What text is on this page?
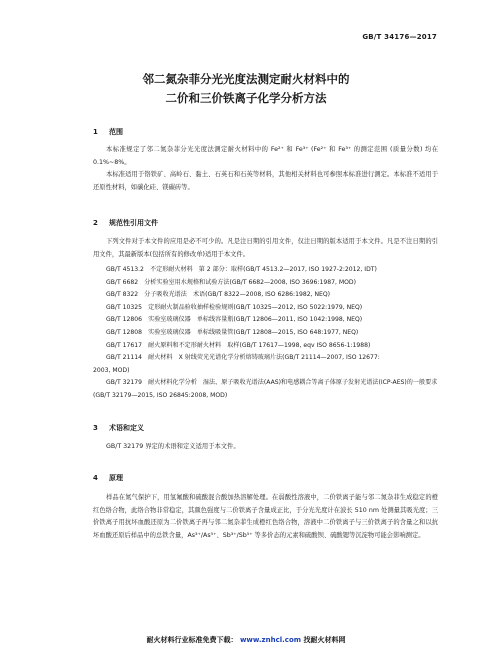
GB/T 34176—2017
邻二氮杂菲分光光度法测定耐火材料中的
二价和三价铁离子化学分析方法
1 范围

本标准规定了邻二氮杂菲分光光度法测定耐火材料中的 Fe²⁺ 和 Fe³⁺ (Fe²⁺ 和 Fe³⁺ 的测定范围 (质量分数) 均在 0.1%~8%。

本标准适用于铬铁矿、高岭石、黏土、石英石和石英等材料，其他相关材料也可参照本标准进行测定。本标准不适用于还原性材料，如碳化硅、镁碳砖等。

2 规范性引用文件

下列文件对于本文件的应用是必不可少的。凡是注日期的引用文件，仅注日期的版本适用于本文件。凡是不注日期的引用文件，其最新版本(包括所有的修改单)适用于本文件。

GB/T 4513.2　不定形耐火材料　第 2 部分：取样(GB/T 4513.2—2017, ISO 1927-2:2012, IDT)
GB/T 6682　分析实验室用水规格和试验方法(GB/T 6682—2008, ISO 3696:1987, MOD)
GB/T 8322　分子吸收光谱法　术语(GB/T 8322—2008, ISO 6286:1982, NEQ)
GB/T 10325　定形耐火制品验收抽样检验规则(GB/T 10325—2012, ISO 5022:1979, NEQ)
GB/T 12806　实验室玻璃仪器　单标线容量瓶(GB/T 12806—2011, ISO 1042:1998, NEQ)
GB/T 12808　实验室玻璃仪器　单标线吸量管(GB/T 12808—2015, ISO 648:1977, NEQ)
GB/T 17617　耐火原料和不定形耐火材料　取样(GB/T 17617—1998, eqv ISO 8656-1:1988)
GB/T 21114　耐火材料　X 射线荧光光谱化学分析熔铸玻璃片法(GB/T 21114—2007, ISO 12677:
2003, MOD)
GB/T 32179　耐火材料化学分析　湿法、原子吸收光谱法(AAS)和电感耦合等离子体原子发射光谱法(ICP-AES)的一般要求(GB/T 32179—2015, ISO 26845:2008, MOD)
3 术语和定义

GB/T 32179 界定的术语和定义适用于本文件。

4 原理

样品在氮气保护下，用氢氟酸和硫酸混合酸加热溶解处理。在弱酸性溶液中，二价铁离子能与邻二氮杂菲生成稳定的橙红色络合物，此络合物非常稳定，其颜色强度与二价铁离子含量成正比，于分光光度计在波长 510 nm 处测量其吸光度；三价铁离子用抗坏血酸还原为二价铁离子再与邻二氮杂菲生成橙红色络合物，溶液中二价铁离子与三价铁离子的含量之和以抗坏血酸还原后样品中的总铁含量，As³⁺/As⁵⁺、Sb³⁺/Sb⁵⁺ 等多价态的元素和硫酸钡、硫酸锶等沉淀物可能会影响测定。

耐火材料行业标准免费下载： www.znhcl.com 找耐火材料网
